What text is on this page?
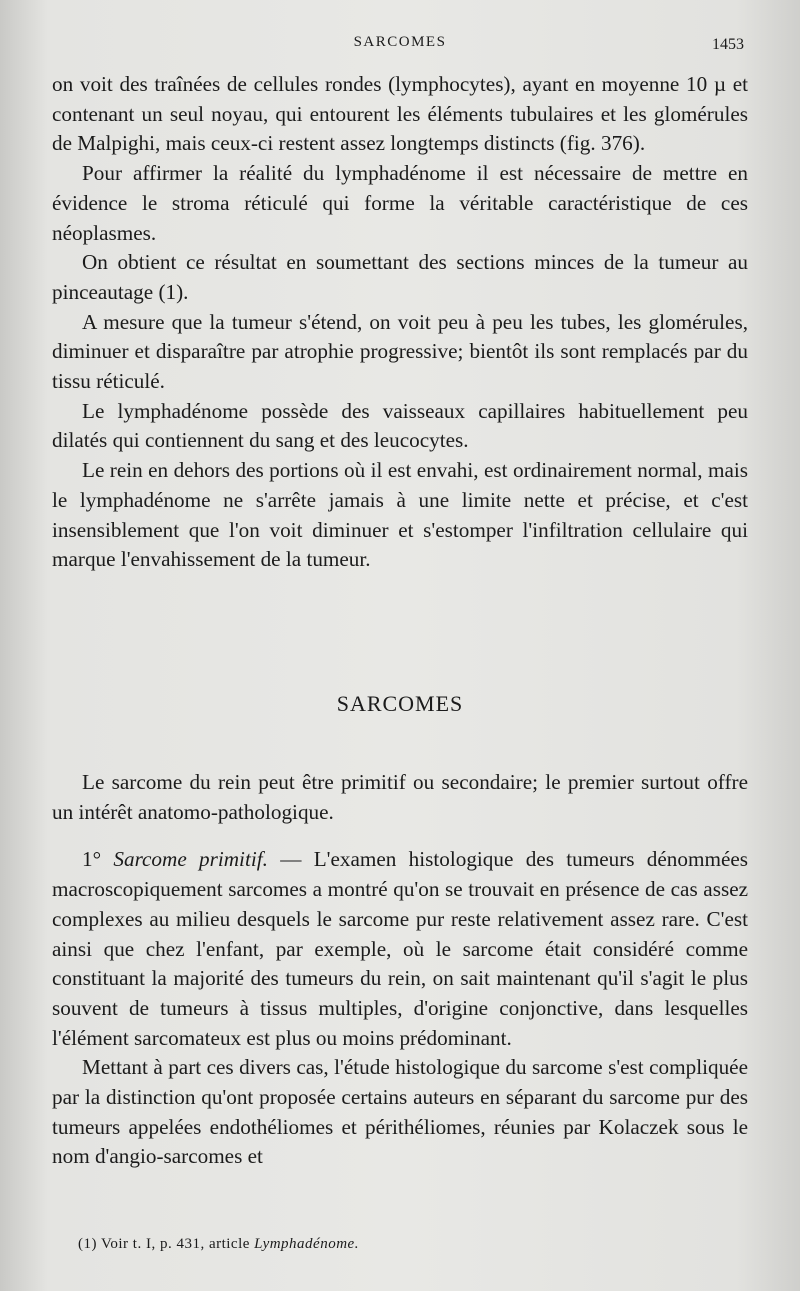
SARCOMES	1453

on voit des traînées de cellules rondes (lymphocytes), ayant en moyenne 10 µ et contenant un seul noyau, qui entourent les éléments tubulaires et les glomérules de Malpighi, mais ceux-ci restent assez longtemps distincts (fig. 376).

Pour affirmer la réalité du lymphadénome il est nécessaire de mettre en évidence le stroma réticulé qui forme la véritable caractéristique de ces néoplasmes.

On obtient ce résultat en soumettant des sections minces de la tumeur au pinceautage (1).

A mesure que la tumeur s'étend, on voit peu à peu les tubes, les glomérules, diminuer et disparaître par atrophie progressive; bientôt ils sont remplacés par du tissu réticulé.

Le lymphadénome possède des vaisseaux capillaires habituellement peu dilatés qui contiennent du sang et des leucocytes.

Le rein en dehors des portions où il est envahi, est ordinairement normal, mais le lymphadénome ne s'arrête jamais à une limite nette et précise, et c'est insensiblement que l'on voit diminuer et s'estomper l'infiltration cellulaire qui marque l'envahissement de la tumeur.

SARCOMES

Le sarcome du rein peut être primitif ou secondaire; le premier surtout offre un intérêt anatomo-pathologique.

1° Sarcome primitif. — L'examen histologique des tumeurs dénommées macroscopiquement sarcomes a montré qu'on se trouvait en présence de cas assez complexes au milieu desquels le sarcome pur reste relativement assez rare. C'est ainsi que chez l'enfant, par exemple, où le sarcome était considéré comme constituant la majorité des tumeurs du rein, on sait maintenant qu'il s'agit le plus souvent de tumeurs à tissus multiples, d'origine conjonctive, dans lesquelles l'élément sarcomateux est plus ou moins prédominant.

Mettant à part ces divers cas, l'étude histologique du sarcome s'est compliquée par la distinction qu'ont proposée certains auteurs en séparant du sarcome pur des tumeurs appelées endothéliomes et périthéliomes, réunies par Kolaczek sous le nom d'angio-sarcomes et

(1) Voir t. I, p. 431, article Lymphadénome.
